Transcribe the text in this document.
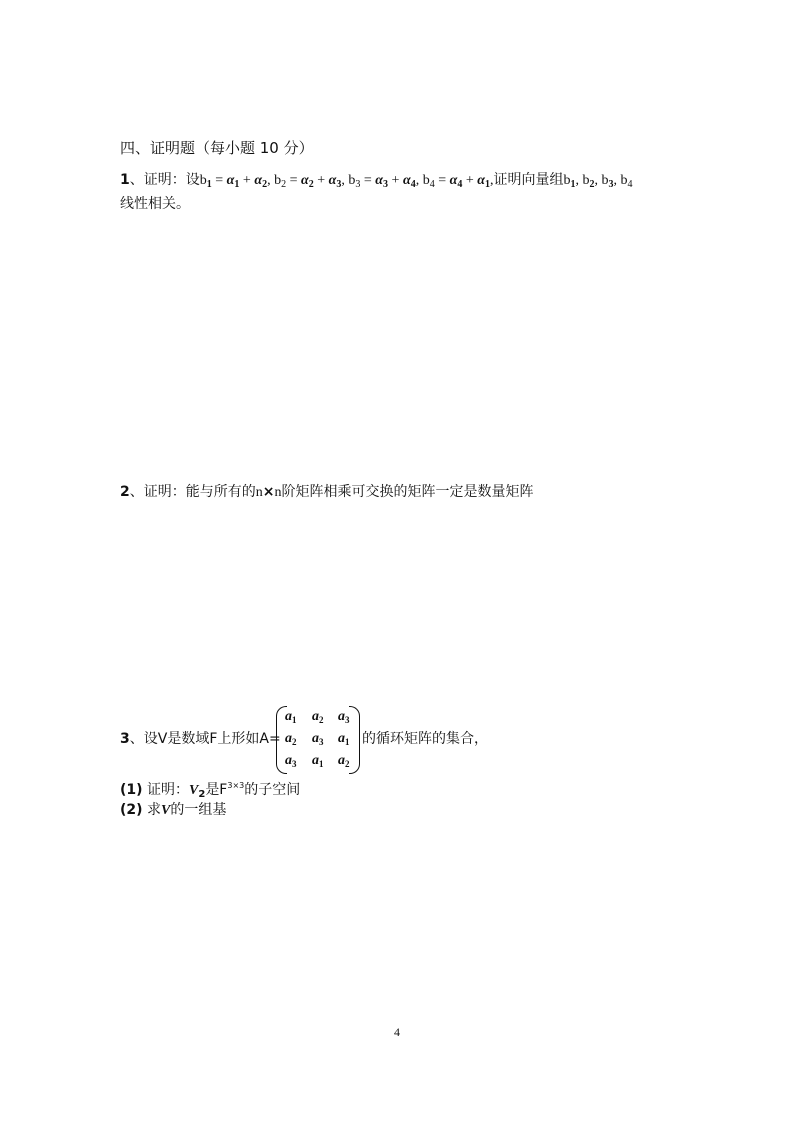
四、证明题（每小题 10 分）
1、证明：设$b_1 = \alpha_1 + \alpha_2$, $b_2 = \alpha_2 + \alpha_3$, $b_3 = \alpha_3 + \alpha_4$, $b_4 = \alpha_4 + \alpha_1$,证明向量组$b_1$, $b_2$, $b_3$, $b_4$
线性相关。
2、证明：能与所有的n×n阶矩阵相乘可交换的矩阵一定是数量矩阵
3、设V是数域F上形如A=
$a_1$ $a_2$ $a_3$
$a_2$ $a_3$ $a_1$
$a_3$ $a_1$ $a_2$
的循环矩阵的集合，
(1) 证明：$V_2$是$F^{3\times 3}$的子空间
(2) 求V的一组基
4
